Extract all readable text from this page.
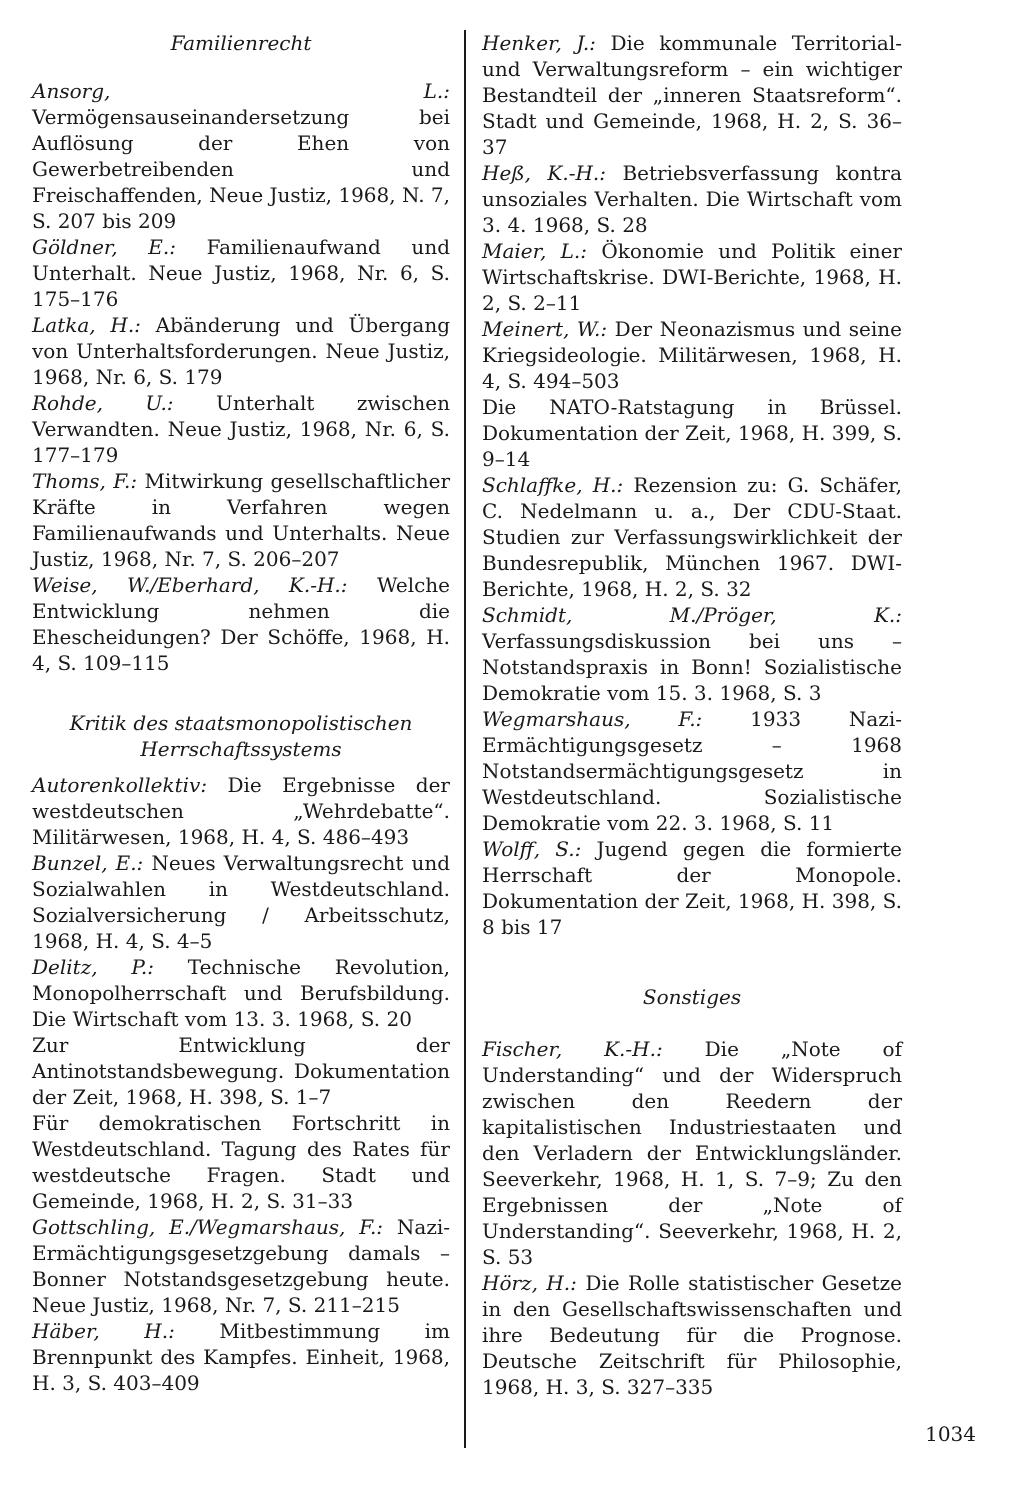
Familienrecht

Ansorg, L.: Vermögensauseinandersetzung bei Auflösung der Ehen von Gewerbetreibenden und Freischaffenden, Neue Justiz, 1968, N. 7, S. 207 bis 209

Göldner, E.: Familienaufwand und Unterhalt. Neue Justiz, 1968, Nr. 6, S. 175–176

Latka, H.: Abänderung und Übergang von Unterhaltsforderungen. Neue Justiz, 1968, Nr. 6, S. 179

Rohde, U.: Unterhalt zwischen Verwandten. Neue Justiz, 1968, Nr. 6, S. 177–179

Thoms, F.: Mitwirkung gesellschaftlicher Kräfte in Verfahren wegen Familienaufwands und Unterhalts. Neue Justiz, 1968, Nr. 7, S. 206–207

Weise, W./Eberhard, K.-H.: Welche Entwicklung nehmen die Ehescheidungen? Der Schöffe, 1968, H. 4, S. 109–115

Kritik des staatsmonopolistischen Herrschaftssystems

Autorenkollektiv: Die Ergebnisse der westdeutschen „Wehrdebatte“. Militärwesen, 1968, H. 4, S. 486–493

Bunzel, E.: Neues Verwaltungsrecht und Sozialwahlen in Westdeutschland. Sozialversicherung / Arbeitsschutz, 1968, H. 4, S. 4–5

Delitz, P.: Technische Revolution, Monopolherrschaft und Berufsbildung. Die Wirtschaft vom 13. 3. 1968, S. 20

Zur Entwicklung der Antinotstandsbewegung. Dokumentation der Zeit, 1968, H. 398, S. 1–7

Für demokratischen Fortschritt in Westdeutschland. Tagung des Rates für westdeutsche Fragen. Stadt und Gemeinde, 1968, H. 2, S. 31–33

Gottschling, E./Wegmarshaus, F.: Nazi-Ermächtigungsgesetzgebung damals – Bonner Notstandsgesetzgebung heute. Neue Justiz, 1968, Nr. 7, S. 211–215

Häber, H.: Mitbestimmung im Brennpunkt des Kampfes. Einheit, 1968, H. 3, S. 403–409

Henker, J.: Die kommunale Territorial- und Verwaltungsreform – ein wichtiger Bestandteil der „inneren Staatsreform“. Stadt und Gemeinde, 1968, H. 2, S. 36–37

Heß, K.-H.: Betriebsverfassung kontra unsoziales Verhalten. Die Wirtschaft vom 3. 4. 1968, S. 28

Maier, L.: Ökonomie und Politik einer Wirtschaftskrise. DWI-Berichte, 1968, H. 2, S. 2–11

Meinert, W.: Der Neonazismus und seine Kriegsideologie. Militärwesen, 1968, H. 4, S. 494–503

Die NATO-Ratstagung in Brüssel. Dokumentation der Zeit, 1968, H. 399, S. 9–14

Schlaffke, H.: Rezension zu: G. Schäfer, C. Nedelmann u. a., Der CDU-Staat. Studien zur Verfassungswirklichkeit der Bundesrepublik, München 1967. DWI-Berichte, 1968, H. 2, S. 32

Schmidt, M./Pröger, K.: Verfassungsdiskussion bei uns – Notstandspraxis in Bonn! Sozialistische Demokratie vom 15. 3. 1968, S. 3

Wegmarshaus, F.: 1933 Nazi-Ermächtigungsgesetz – 1968 Notstandsermächtigungsgesetz in Westdeutschland. Sozialistische Demokratie vom 22. 3. 1968, S. 11

Wolff, S.: Jugend gegen die formierte Herrschaft der Monopole. Dokumentation der Zeit, 1968, H. 398, S. 8 bis 17

Sonstiges

Fischer, K.-H.: Die „Note of Understanding“ und der Widerspruch zwischen den Reedern der kapitalistischen Industriestaaten und den Verladern der Entwicklungsländer. Seeverkehr, 1968, H. 1, S. 7–9; Zu den Ergebnissen der „Note of Understanding“. Seeverkehr, 1968, H. 2, S. 53

Hörz, H.: Die Rolle statistischer Gesetze in den Gesellschaftswissenschaften und ihre Bedeutung für die Prognose. Deutsche Zeitschrift für Philosophie, 1968, H. 3, S. 327–335

1034
